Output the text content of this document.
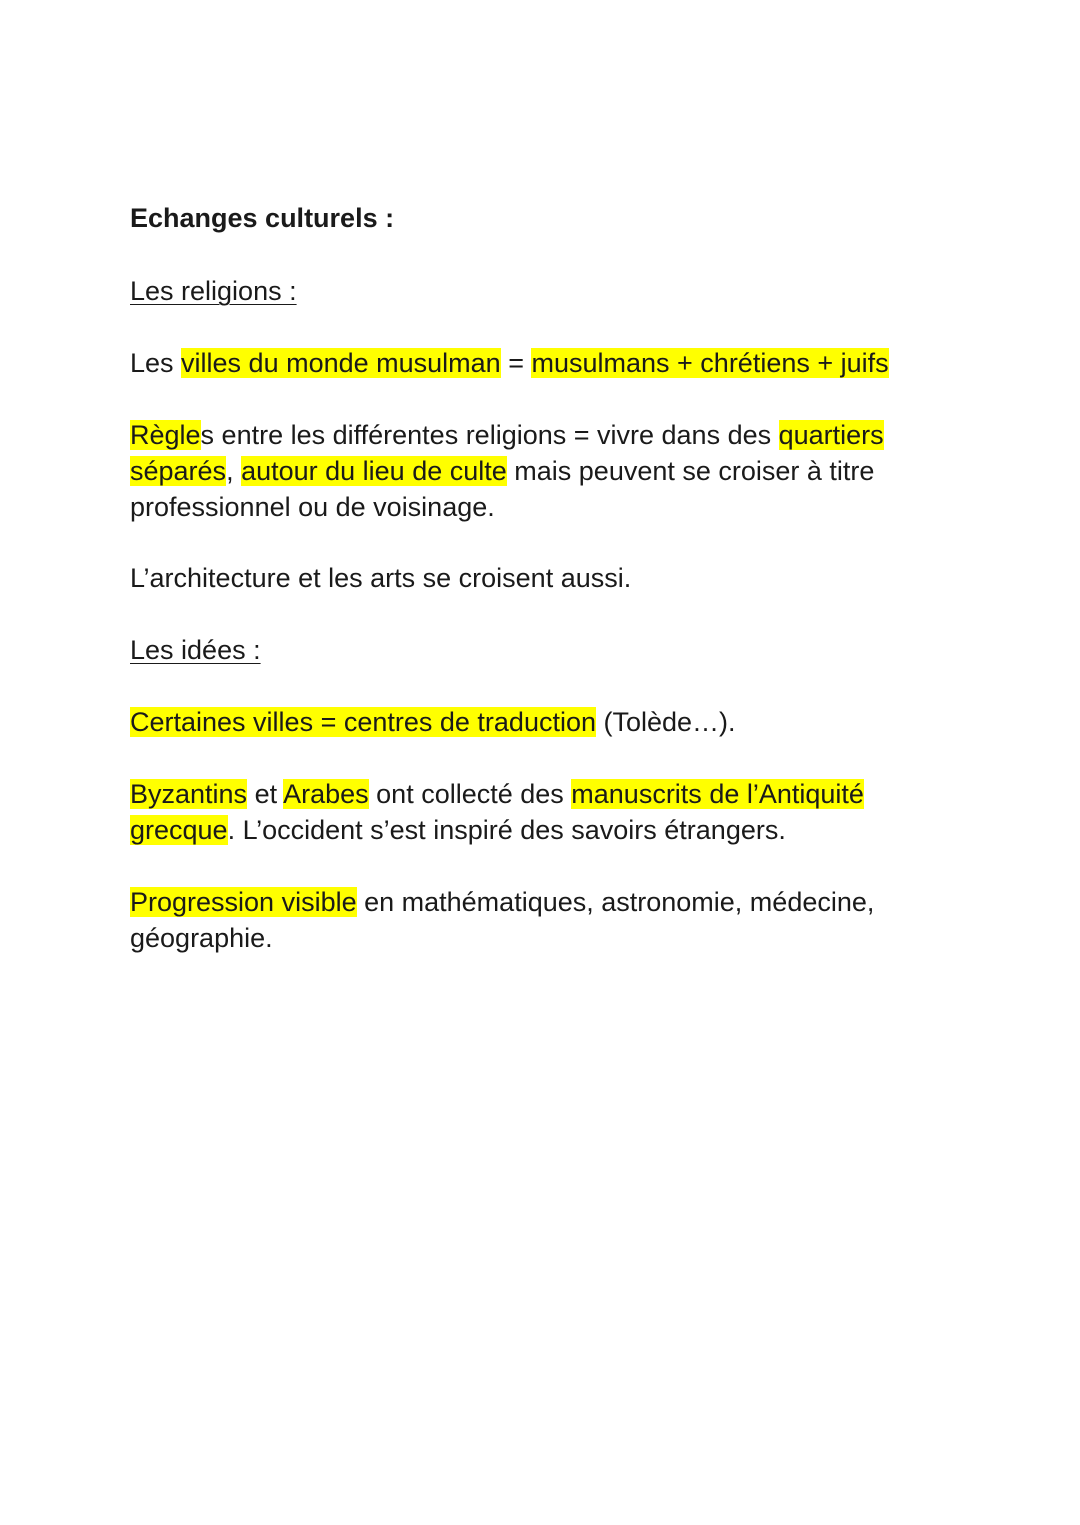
Echanges culturels :

Les religions :

Les villes du monde musulman = musulmans + chrétiens + juifs

Règles entre les différentes religions = vivre dans des quartiers séparés, autour du lieu de culte mais peuvent se croiser à titre professionnel ou de voisinage.

L’architecture et les arts se croisent aussi.

Les idées :

Certaines villes = centres de traduction (Tolède…).

Byzantins et Arabes ont collecté des manuscrits de l’Antiquité grecque. L’occident s’est inspiré des savoirs étrangers.

Progression visible en mathématiques, astronomie, médecine, géographie.
